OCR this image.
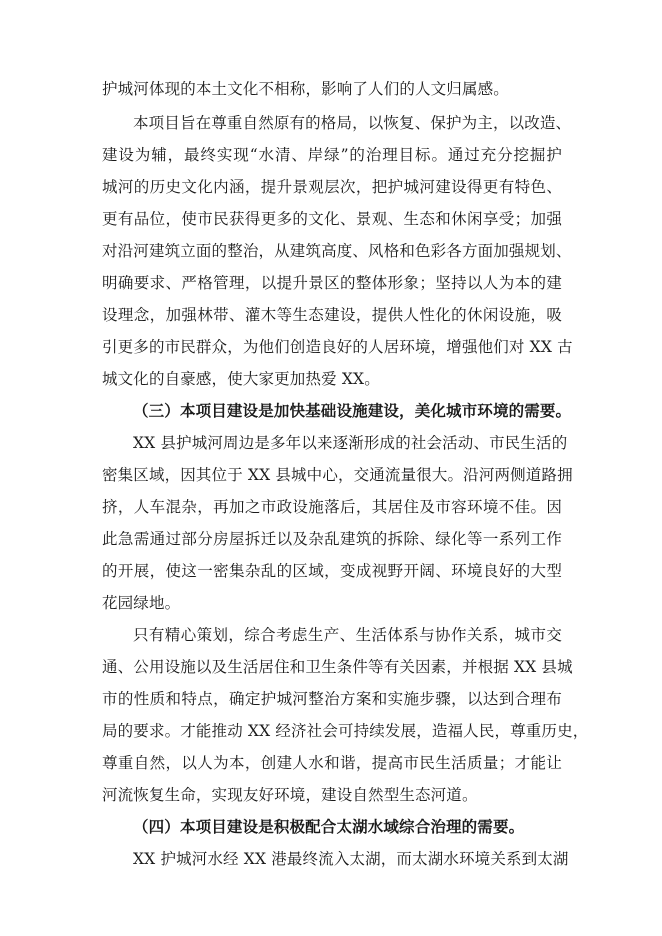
护城河体现的本土文化不相称，影响了人们的人文归属感。
本项目旨在尊重自然原有的格局，以恢复、保护为主，以改造、
建设为辅，最终实现“水清、岸绿”的治理目标。通过充分挖掘护
城河的历史文化内涵，提升景观层次，把护城河建设得更有特色、
更有品位，使市民获得更多的文化、景观、生态和休闲享受；加强
对沿河建筑立面的整治，从建筑高度、风格和色彩各方面加强规划、
明确要求、严格管理，以提升景区的整体形象；坚持以人为本的建
设理念，加强林带、灌木等生态建设，提供人性化的休闲设施，吸
引更多的市民群众，为他们创造良好的人居环境，增强他们对 XX 古
城文化的自豪感，使大家更加热爱 XX。
（三）本项目建设是加快基础设施建设，美化城市环境的需要。
XX 县护城河周边是多年以来逐渐形成的社会活动、市民生活的
密集区域，因其位于 XX 县城中心，交通流量很大。沿河两侧道路拥
挤，人车混杂，再加之市政设施落后，其居住及市容环境不佳。因
此急需通过部分房屋拆迁以及杂乱建筑的拆除、绿化等一系列工作
的开展，使这一密集杂乱的区域，变成视野开阔、环境良好的大型
花园绿地。
只有精心策划，综合考虑生产、生活体系与协作关系，城市交
通、公用设施以及生活居住和卫生条件等有关因素，并根据 XX 县城
市的性质和特点，确定护城河整治方案和实施步骤，以达到合理布
局的要求。才能推动 XX 经济社会可持续发展，造福人民，尊重历史，
尊重自然，以人为本，创建人水和谐，提高市民生活质量；才能让
河流恢复生命，实现友好环境，建设自然型生态河道。
（四）本项目建设是积极配合太湖水域综合治理的需要。
XX 护城河水经 XX 港最终流入太湖，而太湖水环境关系到太湖
